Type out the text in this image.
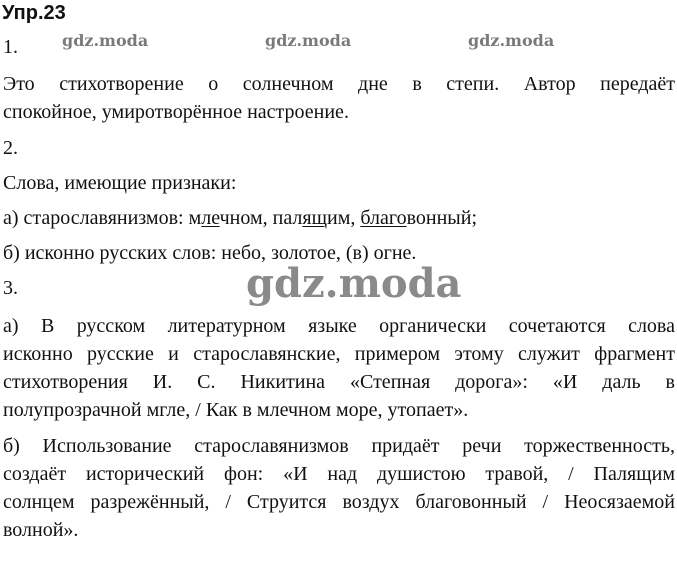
Упр.23
1.	gdz.moda	gdz.moda	gdz.moda
Это стихотворение о солнечном дне в степи. Автор передаёт
спокойное, умиротворённое настроение.
2.
Слова, имеющие признаки:
а) старославянизмов: млечном, палящим, благовонный;
б) исконно русских слов: небо, золотое, (в) огне.
3.	gdz.moda
а) В русском литературном языке органически сочетаются слова
исконно русские и старославянские, примером этому служит фрагмент
стихотворения И. С. Никитина «Степная дорога»: «И даль в
полупрозрачной мгле, / Как в млечном море, утопает».
б) Использование старославянизмов придаёт речи торжественность,
создаёт исторический фон: «И над душистою травой, / Палящим
солнцем разрежённый, / Струится воздух благовонный / Неосязаемой
волной».
